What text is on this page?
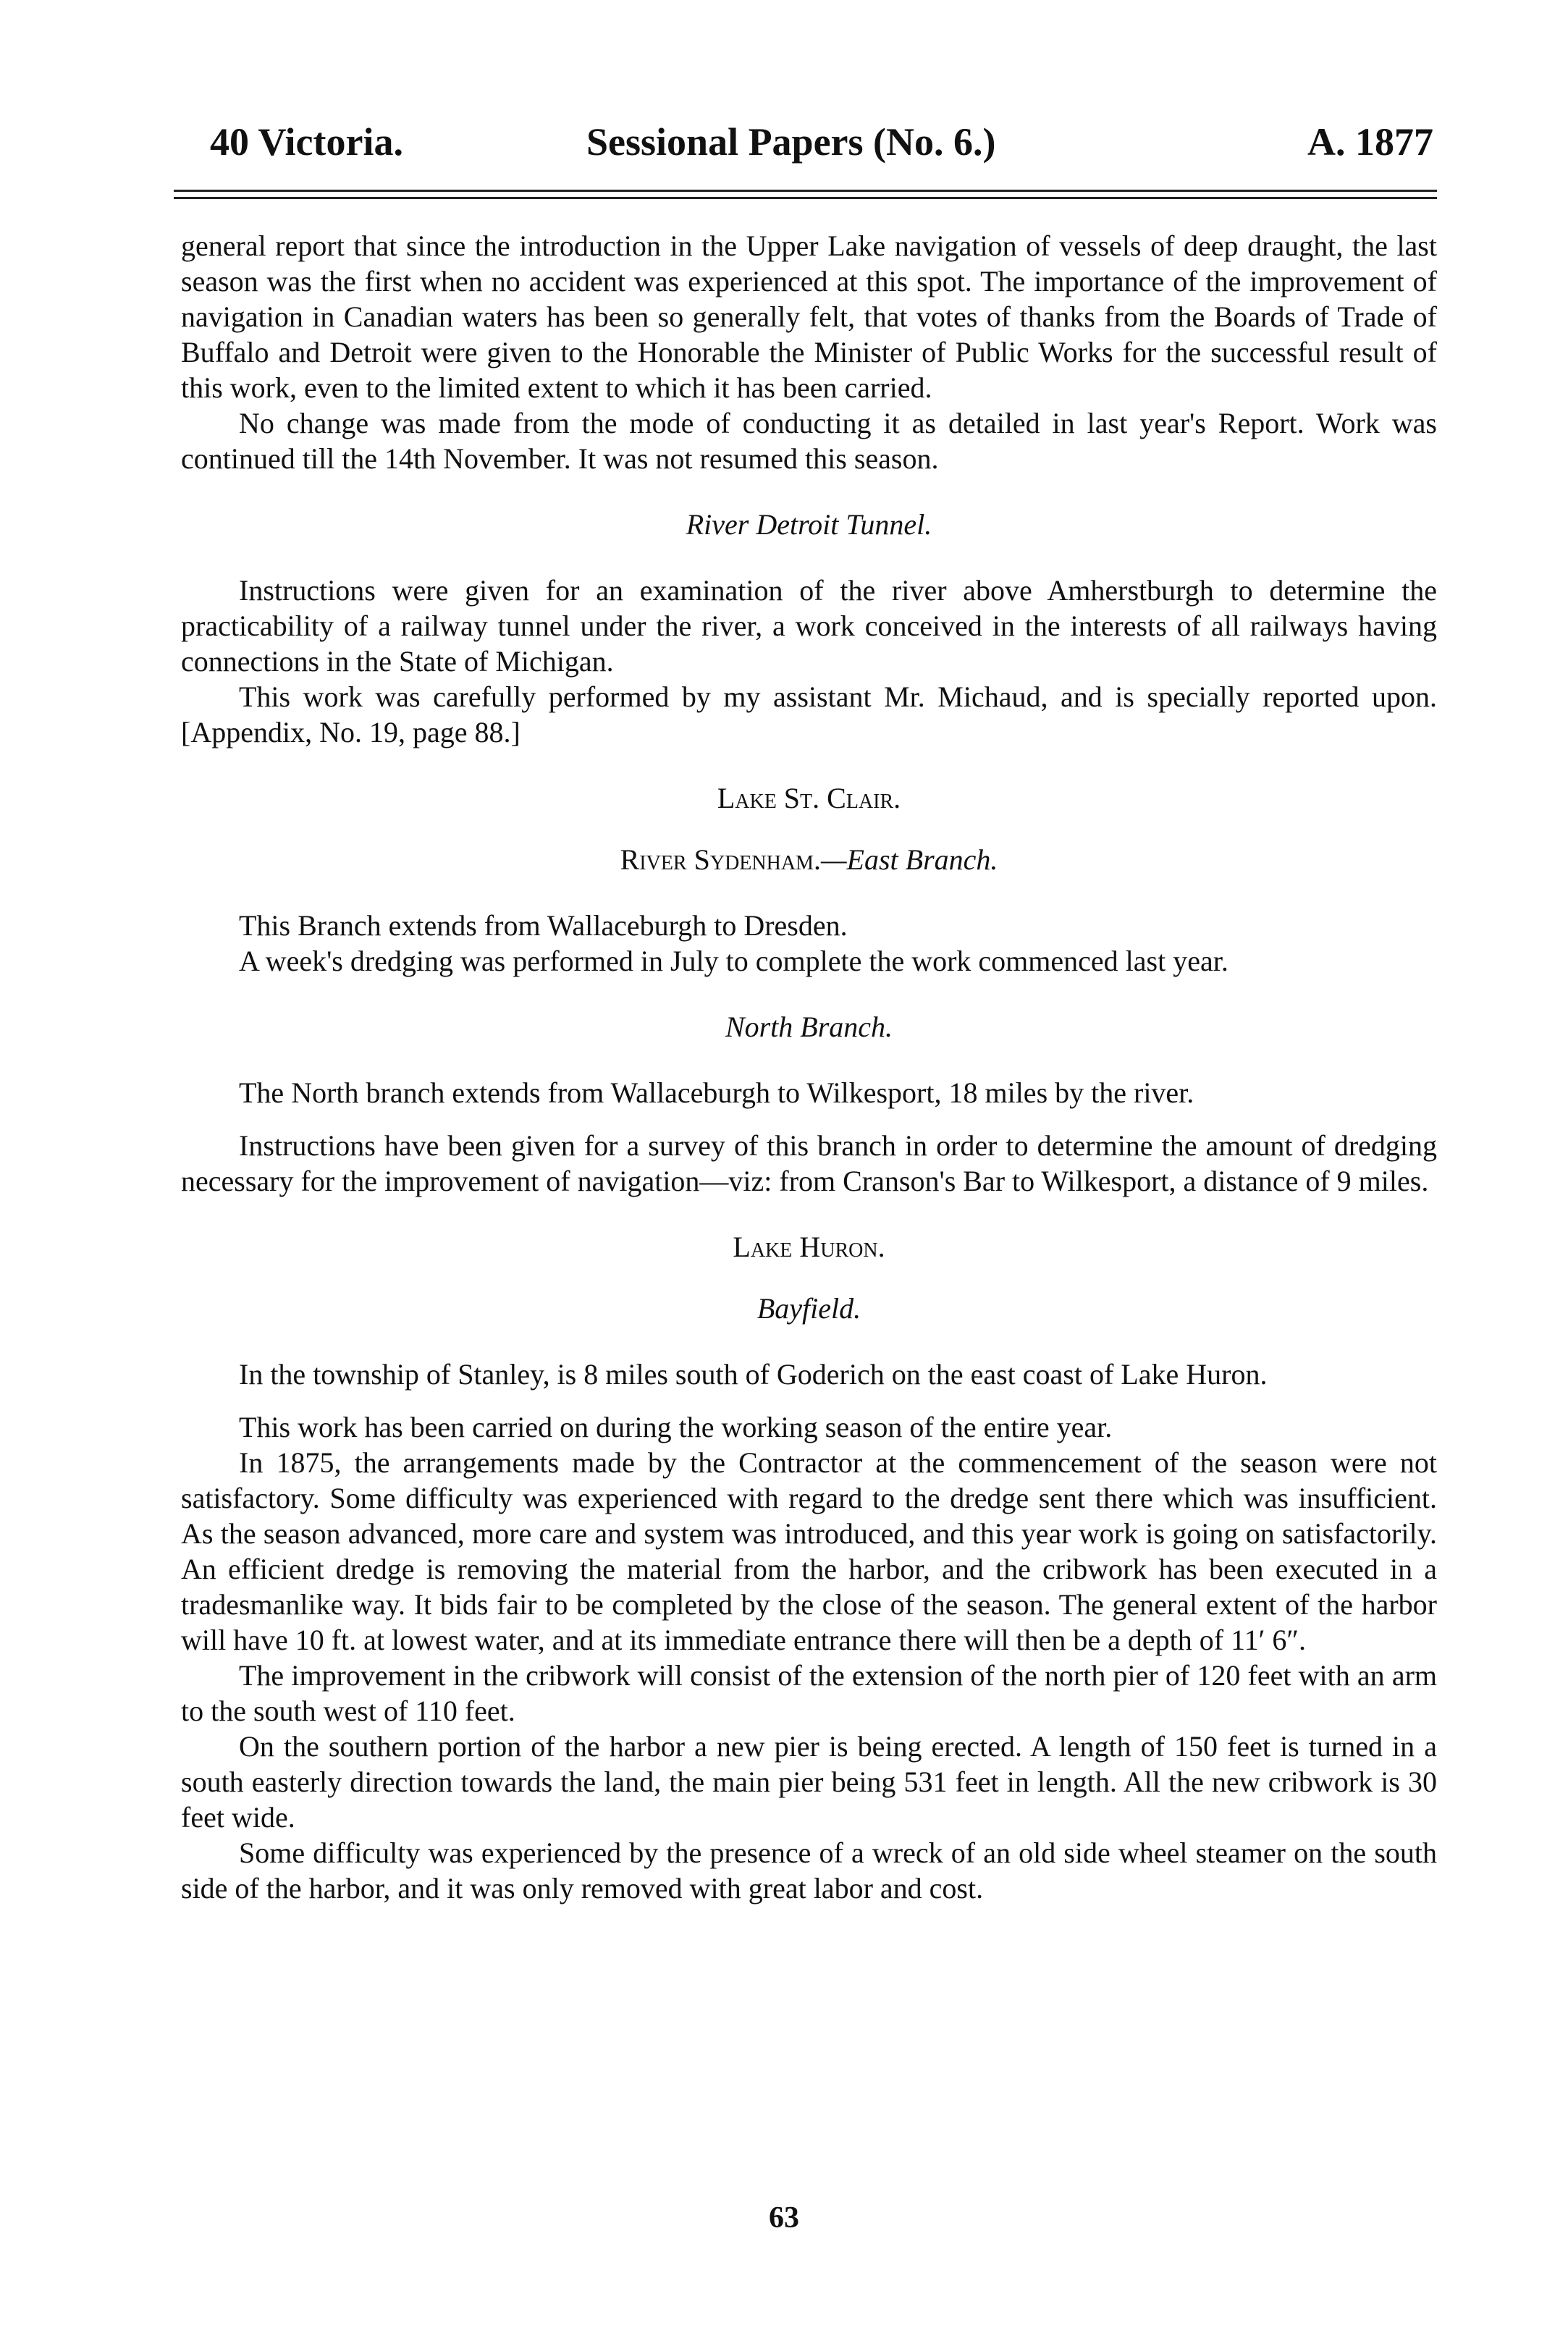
40 Victoria.	Sessional Papers (No. 6.)	A. 1877

general report that since the introduction in the Upper Lake navigation of vessels of deep draught, the last season was the first when no accident was experienced at this spot. The importance of the improvement of navigation in Canadian waters has been so generally felt, that votes of thanks from the Boards of Trade of Buffalo and Detroit were given to the Honorable the Minister of Public Works for the successful result of this work, even to the limited extent to which it has been carried.

No change was made from the mode of conducting it as detailed in last year's Report. Work was continued till the 14th November. It was not resumed this season.

River Detroit Tunnel.

Instructions were given for an examination of the river above Amherstburgh to determine the practicability of a railway tunnel under the river, a work conceived in the interests of all railways having connections in the State of Michigan.

This work was carefully performed by my assistant Mr. Michaud, and is specially reported upon. [Appendix, No. 19, page 88.]

Lake St. Clair.

River Sydenham.—East Branch.

This Branch extends from Wallaceburgh to Dresden.

A week's dredging was performed in July to complete the work commenced last year.

North Branch.

The North branch extends from Wallaceburgh to Wilkesport, 18 miles by the river.

Instructions have been given for a survey of this branch in order to determine the amount of dredging necessary for the improvement of navigation—viz: from Cranson's Bar to Wilkesport, a distance of 9 miles.

Lake Huron.

Bayfield.

In the township of Stanley, is 8 miles south of Goderich on the east coast of Lake Huron.

This work has been carried on during the working season of the entire year.

In 1875, the arrangements made by the Contractor at the commencement of the season were not satisfactory. Some difficulty was experienced with regard to the dredge sent there which was insufficient. As the season advanced, more care and system was introduced, and this year work is going on satisfactorily. An efficient dredge is removing the material from the harbor, and the cribwork has been executed in a tradesmanlike way. It bids fair to be completed by the close of the season. The general extent of the harbor will have 10 ft. at lowest water, and at its immediate entrance there will then be a depth of 11′ 6″.

The improvement in the cribwork will consist of the extension of the north pier of 120 feet with an arm to the south west of 110 feet.

On the southern portion of the harbor a new pier is being erected. A length of 150 feet is turned in a south easterly direction towards the land, the main pier being 531 feet in length. All the new cribwork is 30 feet wide.

Some difficulty was experienced by the presence of a wreck of an old side wheel steamer on the south side of the harbor, and it was only removed with great labor and cost.

63
